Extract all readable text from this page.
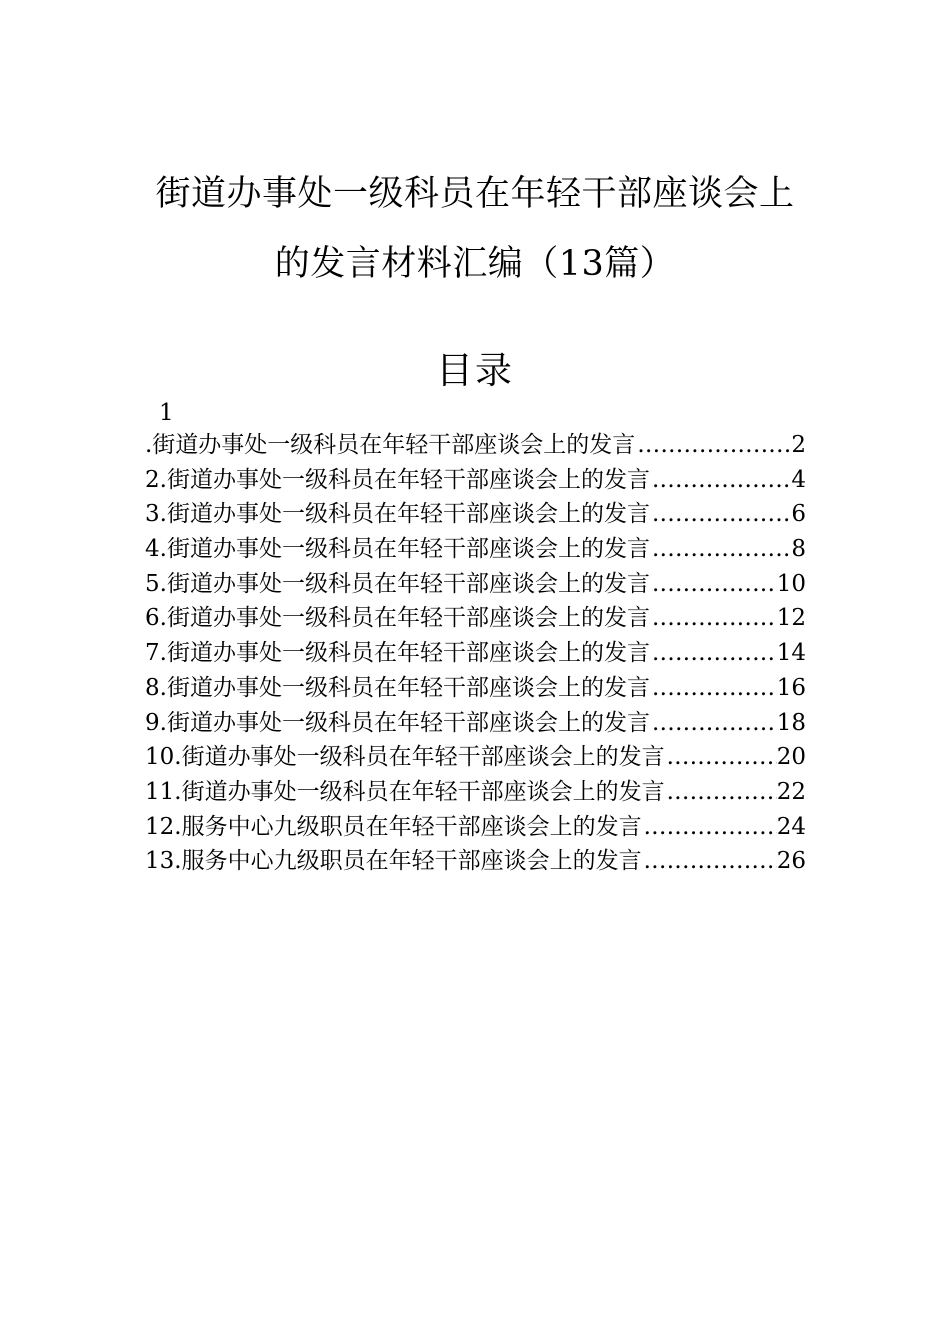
街道办事处一级科员在年轻干部座谈会上
的发言材料汇编（13篇）
目录
1
.街道办事处一级科员在年轻干部座谈会上的发言 .....	2
2.街道办事处一级科员在年轻干部座谈会上的发言 .....	4
3.街道办事处一级科员在年轻干部座谈会上的发言 .....	6
4.街道办事处一级科员在年轻干部座谈会上的发言 .....	8
5.街道办事处一级科员在年轻干部座谈会上的发言 .....	10
6.街道办事处一级科员在年轻干部座谈会上的发言 .....	12
7.街道办事处一级科员在年轻干部座谈会上的发言 .....	14
8.街道办事处一级科员在年轻干部座谈会上的发言 .....	16
9.街道办事处一级科员在年轻干部座谈会上的发言 .....	18
10.街道办事处一级科员在年轻干部座谈会上的发言 .....	20
11.街道办事处一级科员在年轻干部座谈会上的发言 .....	22
12.服务中心九级职员在年轻干部座谈会上的发言 .....	24
13.服务中心九级职员在年轻干部座谈会上的发言 .....	26
